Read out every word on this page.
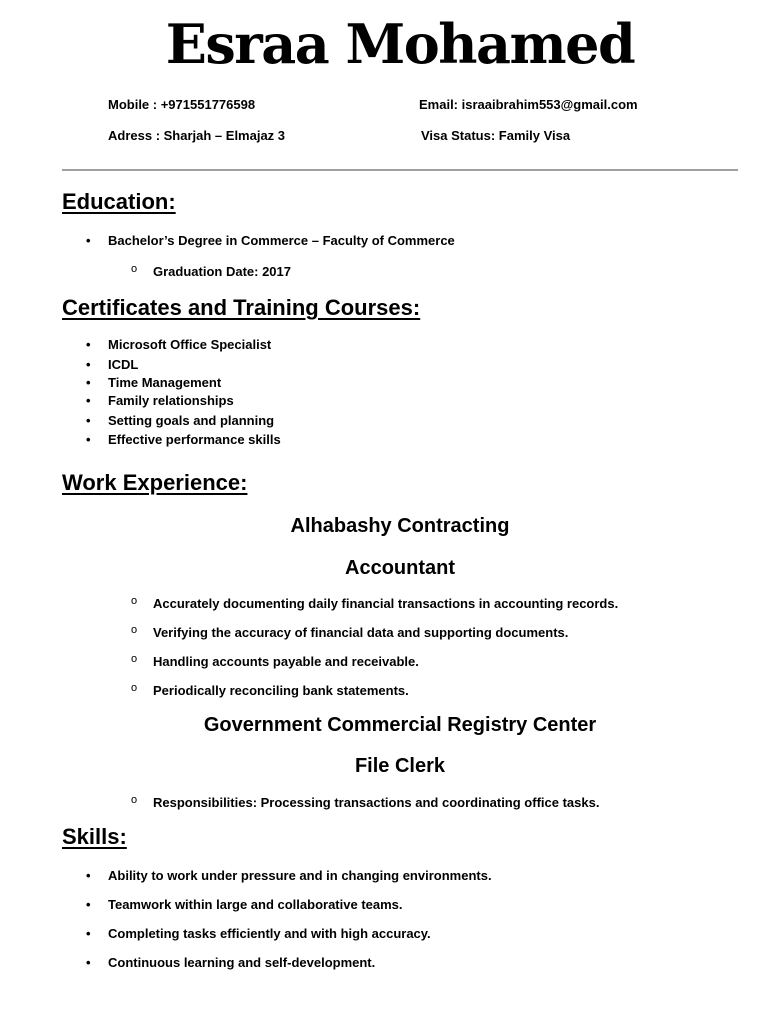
Esraa Mohamed
Mobile : +971551776598	Email: israaibrahim553@gmail.com
Adress : Sharjah – Elmajaz 3	Visa Status: Family Visa
Education:
• Bachelor’s Degree in Commerce – Faculty of Commerce
o Graduation Date: 2017
Certificates and Training Courses:
• Microsoft Office Specialist
• ICDL
• Time Management
• Family relationships
• Setting goals and planning
• Effective performance skills
Work Experience:
Alhabashy Contracting
Accountant
o Accurately documenting daily financial transactions in accounting records.
o Verifying the accuracy of financial data and supporting documents.
o Handling accounts payable and receivable.
o Periodically reconciling bank statements.
Government Commercial Registry Center
File Clerk
o Responsibilities: Processing transactions and coordinating office tasks.
Skills:
• Ability to work under pressure and in changing environments.
• Teamwork within large and collaborative teams.
• Completing tasks efficiently and with high accuracy.
• Continuous learning and self-development.
